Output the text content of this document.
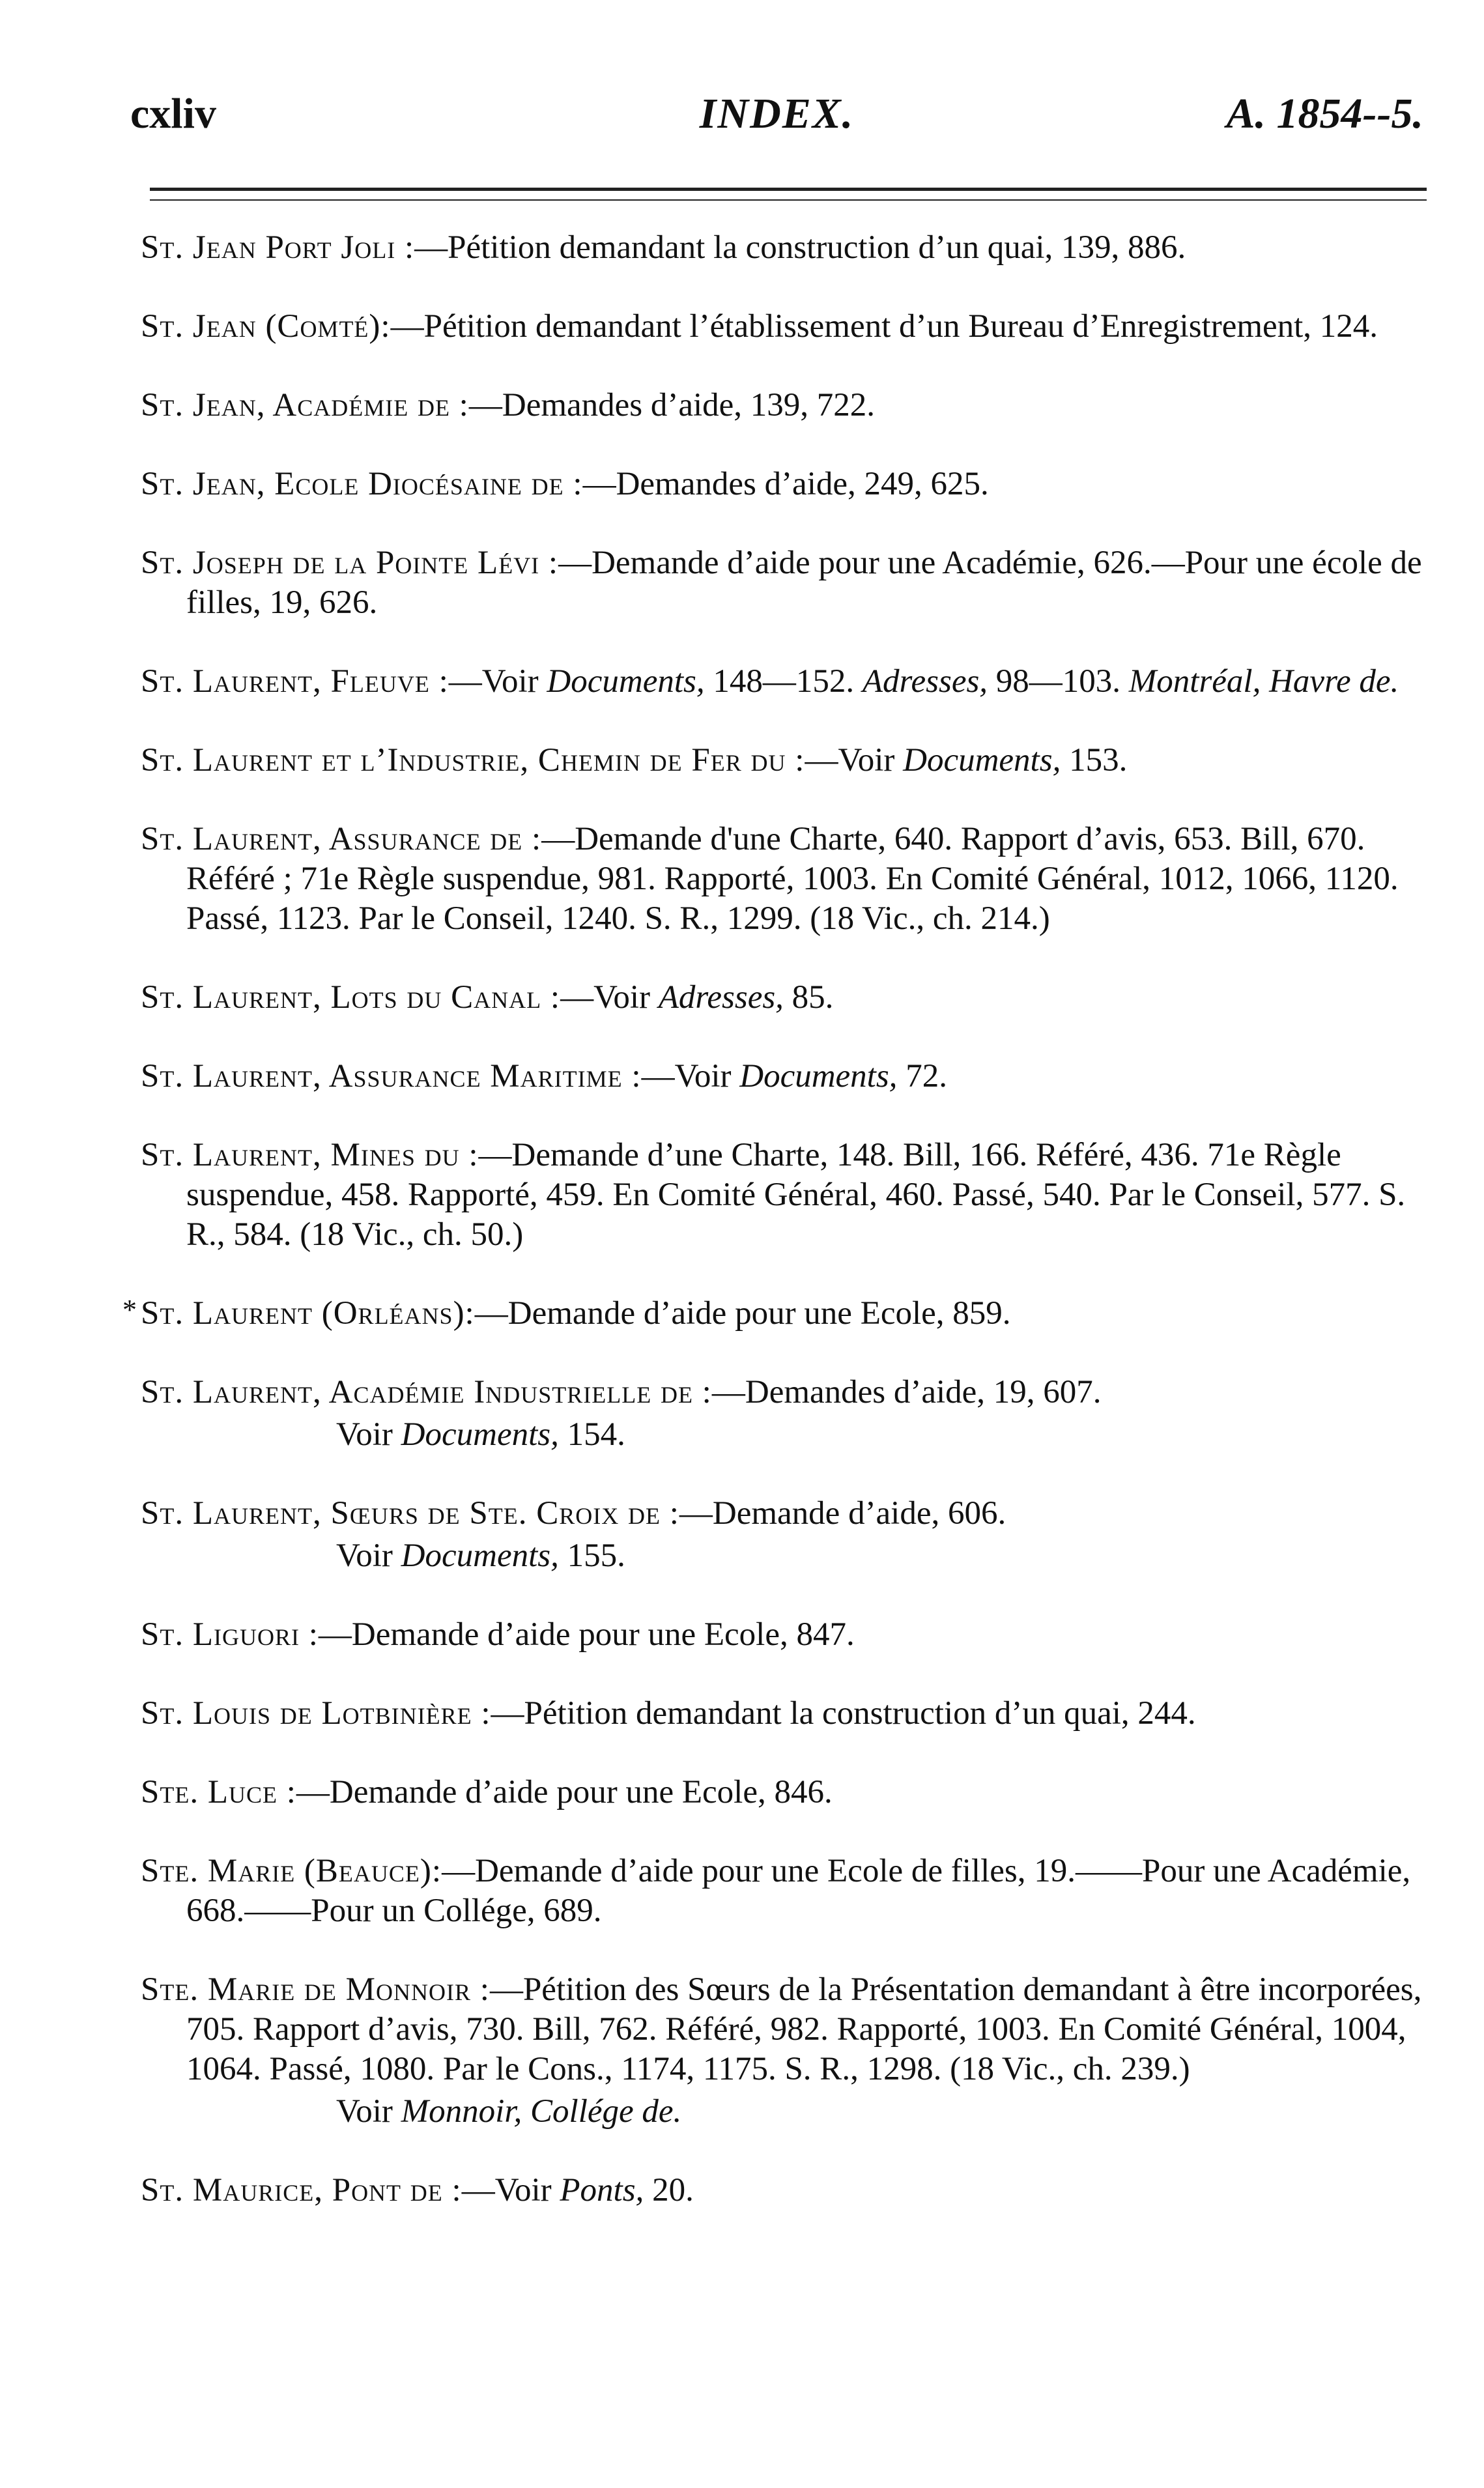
cxliv	INDEX.	A. 1854--5.
St. Jean Port Joli :—Pétition demandant la construction d’un quai, 139, 886.
St. Jean (Comté):—Pétition demandant l’établissement d’un Bureau d’Enregistrement, 124.
St. Jean, Académie de :—Demandes d’aide, 139, 722.
St. Jean, Ecole Diocésaine de :—Demandes d’aide, 249, 625.
St. Joseph de la Pointe Lévi :—Demande d’aide pour une Académie, 626.—Pour une école de filles, 19, 626.
St. Laurent, Fleuve :—Voir Documents, 148—152. Adresses, 98—103. Montréal, Havre de.
St. Laurent et l’Industrie, Chemin de Fer du :—Voir Documents, 153.
St. Laurent, Assurance de :—Demande d'une Charte, 640. Rapport d’avis, 653. Bill, 670. Référé ; 71e Règle suspendue, 981. Rapporté, 1003. En Comité Général, 1012, 1066, 1120. Passé, 1123. Par le Conseil, 1240. S. R., 1299. (18 Vic., ch. 214.)
St. Laurent, Lots du Canal :—Voir Adresses, 85.
St. Laurent, Assurance Maritime :—Voir Documents, 72.
St. Laurent, Mines du :—Demande d’une Charte, 148. Bill, 166. Référé, 436. 71e Règle suspendue, 458. Rapporté, 459. En Comité Général, 460. Passé, 540. Par le Conseil, 577. S. R., 584. (18 Vic., ch. 50.)
* St. Laurent (Orléans):—Demande d’aide pour une Ecole, 859.
St. Laurent, Académie Industrielle de :—Demandes d’aide, 19, 607.
Voir Documents, 154.
St. Laurent, Sœurs de Ste. Croix de :—Demande d’aide, 606.
Voir Documents, 155.
St. Liguori :—Demande d’aide pour une Ecole, 847.
St. Louis de Lotbinière :—Pétition demandant la construction d’un quai, 244.
Ste. Luce :—Demande d’aide pour une Ecole, 846.
Ste. Marie (Beauce):—Demande d’aide pour une Ecole de filles, 19.——Pour une Académie, 668.——Pour un Collége, 689.
Ste. Marie de Monnoir :—Pétition des Sœurs de la Présentation demandant à être incorporées, 705. Rapport d’avis, 730. Bill, 762. Référé, 982. Rapporté, 1003. En Comité Général, 1004, 1064. Passé, 1080. Par le Cons., 1174, 1175. S. R., 1298. (18 Vic., ch. 239.)
Voir Monnoir, Collége de.
St. Maurice, Pont de :—Voir Ponts, 20.
